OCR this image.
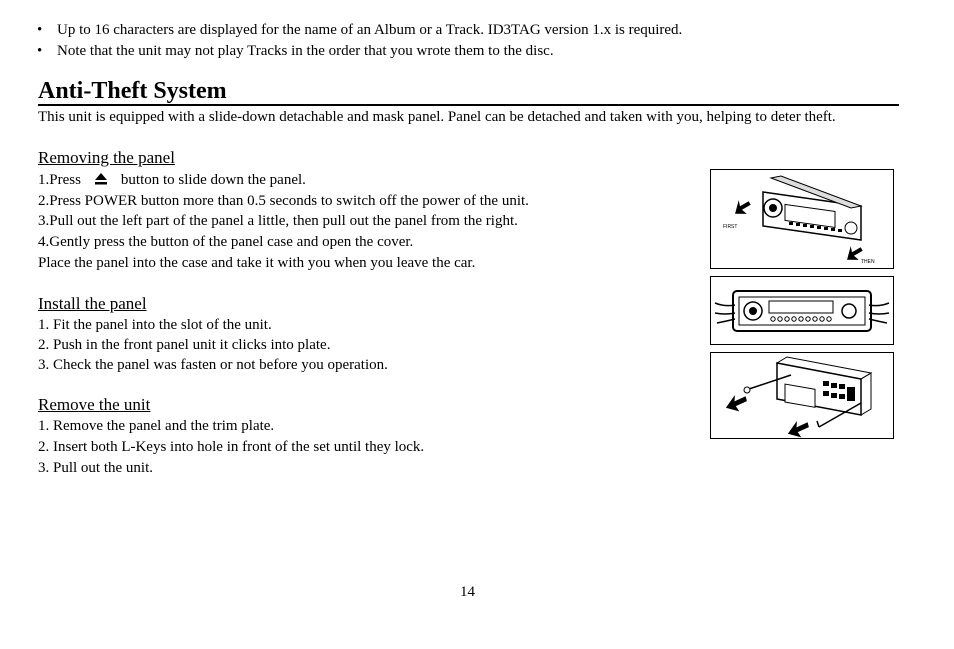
• Up to 16 characters are displayed for the name of an Album or a Track. ID3TAG version 1.x is required.
• Note that the unit may not play Tracks in the order that you wrote them to the disc.
Anti-Theft System
This unit is equipped with a slide-down detachable and mask panel. Panel can be detached and taken with you, helping to deter theft.
Removing the panel
1.Press	button to slide down the panel.
2.Press POWER button more than 0.5 seconds to switch off the power of the unit.
3.Pull out the left part of the panel a little, then pull out the panel from the right.
4.Gently press the button of the panel case and open the cover.
Place the panel into the case and take it with you when you leave the car.
Install the panel
1. Fit the panel into the slot of the unit.
2. Push in the front panel unit it clicks into plate.
3. Check the panel was fasten or not before you operation.
Remove the unit
1. Remove the panel and the trim plate.
2. Insert both L-Keys into hole in front of the set until they lock.
3. Pull out the unit.
FIRST
THEN
14
